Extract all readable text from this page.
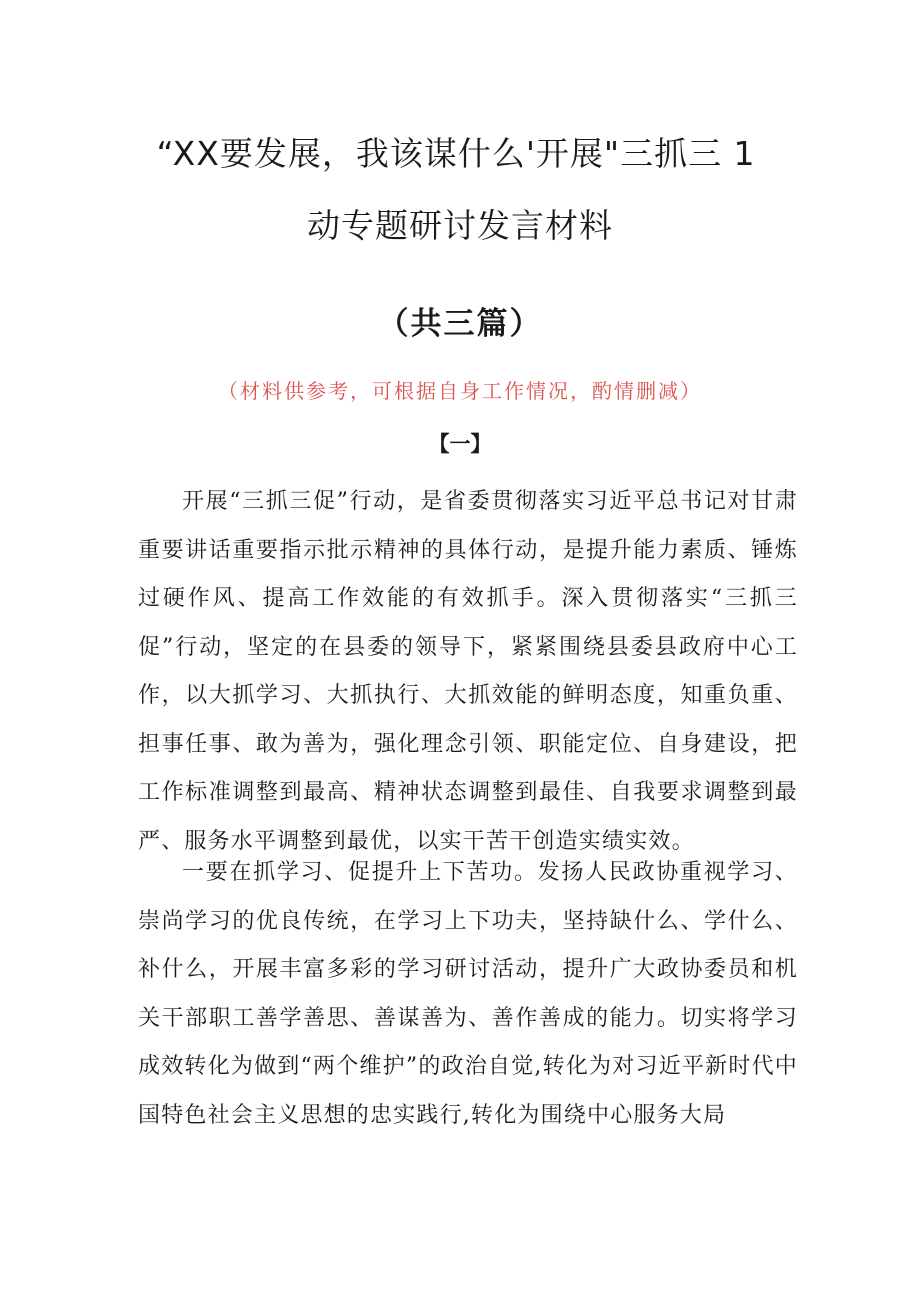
“XX要发展，我该谋什么'开展"三抓三 1
动专题研讨发言材料
（共三篇）

（材料供参考，可根据自身工作情况，酌情删减）

【一】

开展“三抓三促”行动，是省委贯彻落实习近平总书记对甘肃重要讲话重要指示批示精神的具体行动，是提升能力素质、锤炼过硬作风、提高工作效能的有效抓手。深入贯彻落实“三抓三促”行动，坚定的在县委的领导下，紧紧围绕县委县政府中心工作，以大抓学习、大抓执行、大抓效能的鲜明态度，知重负重、担事任事、敢为善为，强化理念引领、职能定位、自身建设，把工作标准调整到最高、精神状态调整到最佳、自我要求调整到最严、服务水平调整到最优，以实干苦干创造实绩实效。

一要在抓学习、促提升上下苦功。发扬人民政协重视学习、崇尚学习的优良传统，在学习上下功夫，坚持缺什么、学什么、补什么，开展丰富多彩的学习研讨活动，提升广大政协委员和机关干部职工善学善思、善谋善为、善作善成的能力。切实将学习成效转化为做到“两个维护”的政治自觉,转化为对习近平新时代中国特色社会主义思想的忠实践行,转化为围绕中心服务大局
